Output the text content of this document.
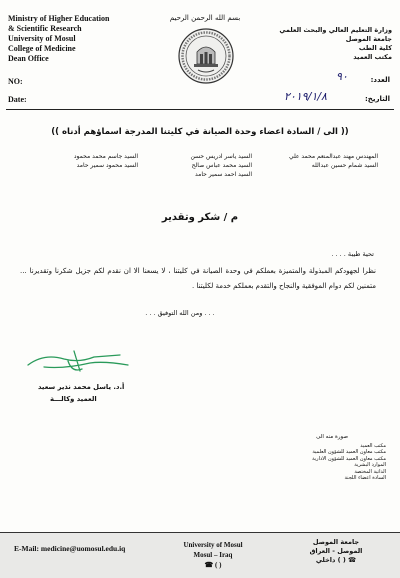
Ministry of Higher Education
& Scientific Research
University of Mosul
College of Medicine
Dean Office
بسم الله الرحمن الرحيم
وزارة التعليم العالي والبحث العلمي
جامعة الموصل
كلية الطب
مكتب العميد
NO:
Date:
العدد:
٩٠
التاريخ:
٢٠١٩/١/٨
(( الى / السادة اعضاء وحدة الصيانة في كليتنا المدرجة اسماؤهم أدناه ))
المهندس مهند عبدالمنعم محمد علي
السيد شمام حسين عبدالله
السيد ياسر ادريس حسن
السيد محمد عباس صالح
السيد احمد سمير حامد
السيد جاسم محمد محمود
السيد محمود سمير حامد
م / شكر وتقدير
تحية طيبة . . . .
نظرا لجهودكم المبذولة والمتميزة بعملكم في وحدة الصيانة في كليتنا ، لا يسعنا الا ان نقدم لكم جزيل شكرنا وتقديرنا ... متمنين لكم دوام الموفقية والنجاح والتقدم بعملكم خدمة لكليتنا .
. . . ومن الله التوفيق . . .
أ.د. ياسل محمد نذير سعيد
العميد وكالـــة
صورة منه الى
مكتب العميد
مكتب معاون العميد للشؤون العلمية
مكتب معاون العميد للشؤون الادارية
الموارد البشرية
الذاتية المختصة
السادة اعضاء اللجنة
E-Mail: medicine@uomosul.edu.iq	University of Mosul
Mosul – Iraq
☎ ( )
جامعة الموصل
الموصل - العراق
☎ ( ) داخلي
